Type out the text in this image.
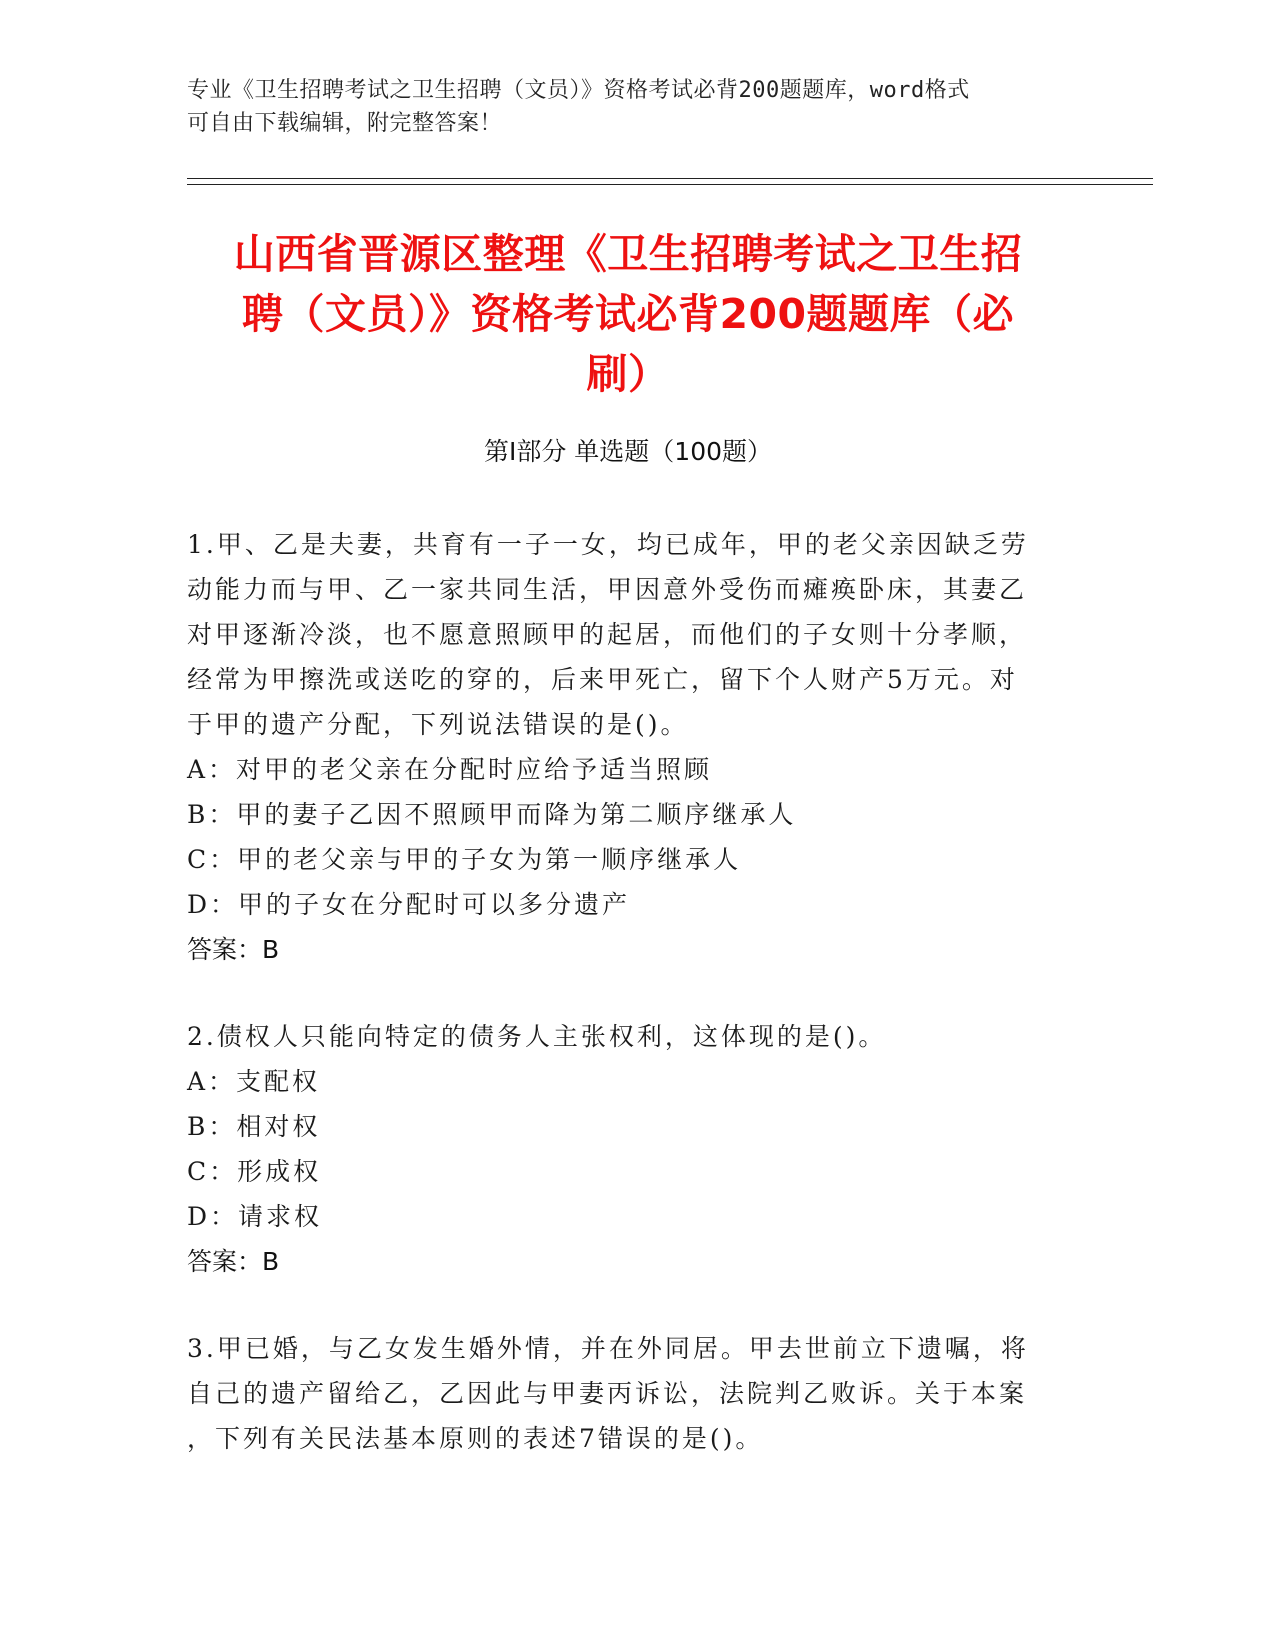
专业《卫生招聘考试之卫生招聘（文员）》资格考试必背200题题库，word格式
可自由下载编辑，附完整答案！
山西省晋源区整理《卫生招聘考试之卫生招
聘（文员）》资格考试必背200题题库（必
刷）
第I部分 单选题（100题）

1.甲、乙是夫妻，共育有一子一女，均已成年，甲的老父亲因缺乏劳

动能力而与甲、乙一家共同生活，甲因意外受伤而瘫痪卧床，其妻乙

对甲逐渐冷淡，也不愿意照顾甲的起居，而他们的子女则十分孝顺，

经常为甲擦洗或送吃的穿的，后来甲死亡，留下个人财产5万元。对

于甲的遗产分配，下列说法错误的是()。

A：对甲的老父亲在分配时应给予适当照顾

B：甲的妻子乙因不照顾甲而降为第二顺序继承人

C：甲的老父亲与甲的子女为第一顺序继承人

D：甲的子女在分配时可以多分遗产

答案：B

2.债权人只能向特定的债务人主张权利，这体现的是()。

A：支配权

B：相对权

C：形成权

D：请求权

答案：B

3.甲已婚，与乙女发生婚外情，并在外同居。甲去世前立下遗嘱，将

自己的遗产留给乙，乙因此与甲妻丙诉讼，法院判乙败诉。关于本案

，下列有关民法基本原则的表述7错误的是()。
